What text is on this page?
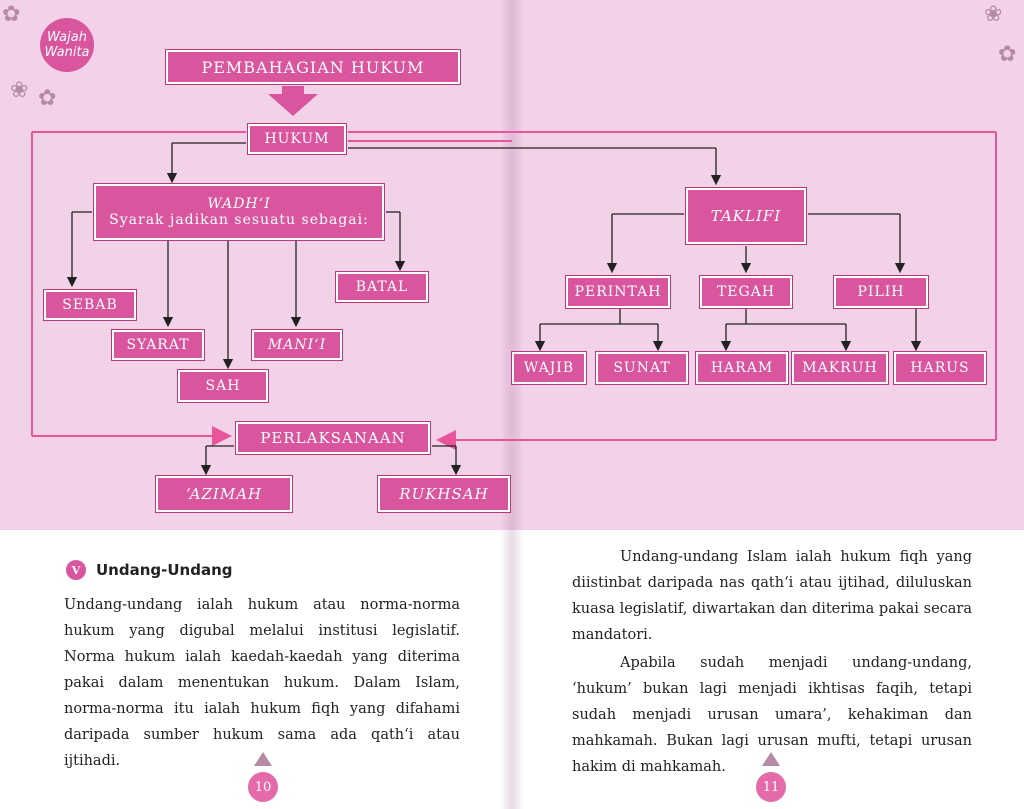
✿
❀ ✿
❀
✿
Wajah
Wanita
PEMBAHAGIAN HUKUM
HUKUM
WADH‘I
Syarak jadikan sesuatu sebagai:
SEBAB
SYARAT
SAH
MANI‘I
BATAL
TAKLIFI
PERINTAH	TEGAH	PILIH
WAJIB	SUNAT	HARAM	MAKRUH	HARUS
PERLAKSANAAN
‘AZIMAH	RUKHSAH
V	Undang-Undang
Undang-undang ialah hukum atau norma-norma hukum yang digubal melalui institusi legislatif. Norma hukum ialah kaedah-kaedah yang diterima pakai dalam menentukan hukum. Dalam Islam, norma-norma itu ialah hukum fiqh yang difahami daripada sumber hukum sama ada qath‘i atau ijtihadi.
10
Undang-undang Islam ialah hukum fiqh yang diistinbat daripada nas qath‘i atau ijtihad, diluluskan kuasa legislatif, diwartakan dan diterima pakai secara mandatori.
Apabila sudah menjadi undang-undang, ‘hukum’ bukan lagi menjadi ikhtisas faqih, tetapi sudah menjadi urusan umara’, kehakiman dan mahkamah. Bukan lagi urusan mufti, tetapi urusan hakim di mahkamah.
11
